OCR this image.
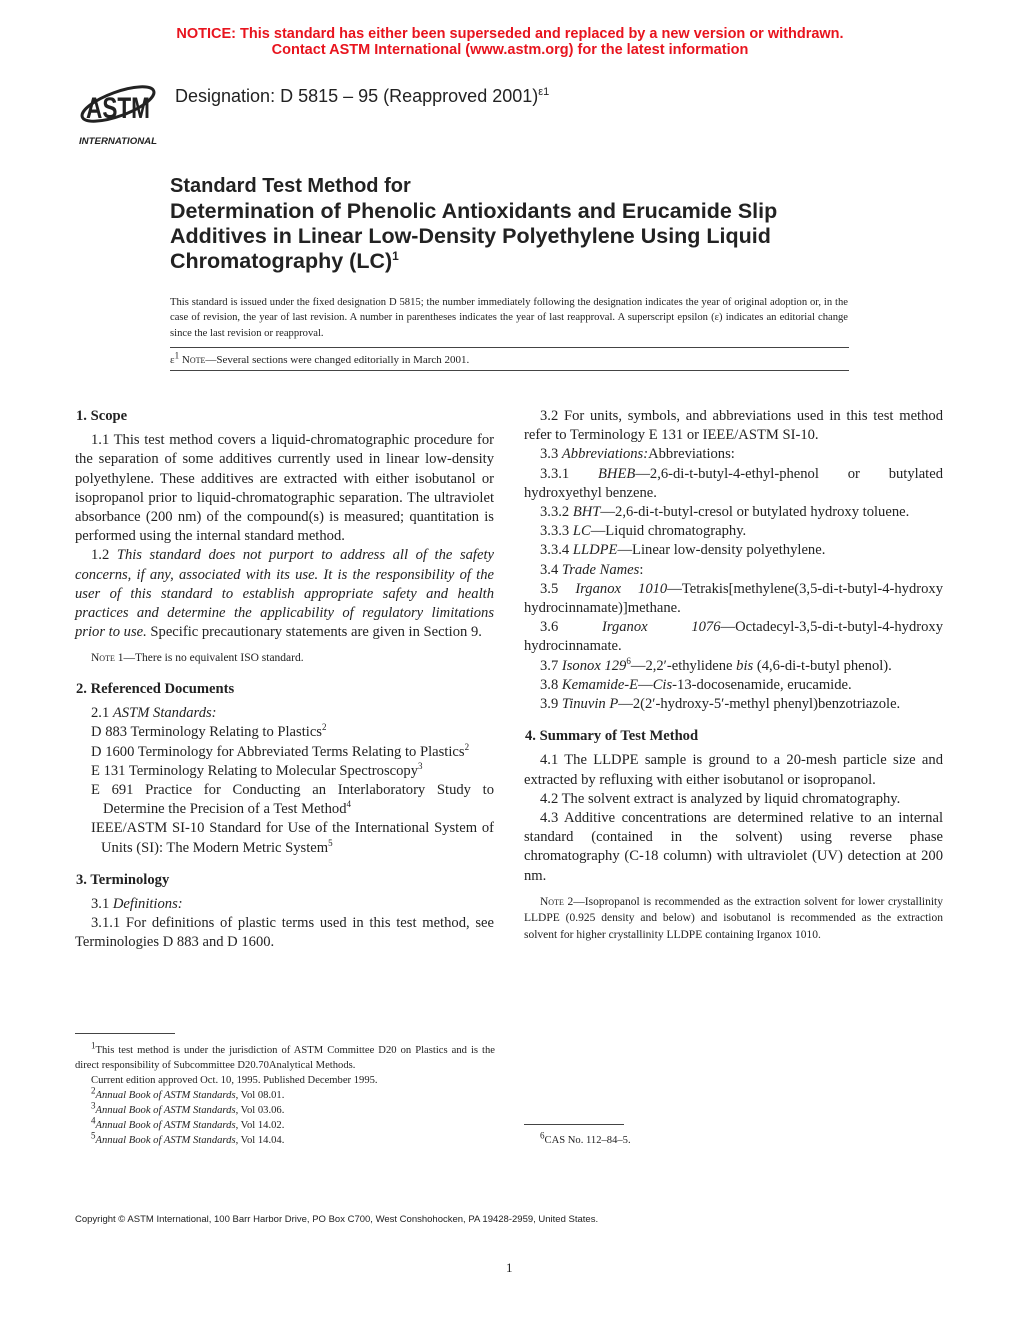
NOTICE: This standard has either been superseded and replaced by a new version or withdrawn.
Contact ASTM International (www.astm.org) for the latest information
ASTM
INTERNATIONAL
Designation: D 5815 – 95 (Reapproved 2001)$^{\varepsilon 1}$
Standard Test Method for
Determination of Phenolic Antioxidants and Erucamide Slip
Additives in Linear Low-Density Polyethylene Using Liquid
Chromatography (LC)$^1$
This standard is issued under the fixed designation D 5815; the number immediately following the designation indicates the year of original adoption or, in the case of revision, the year of last revision. A number in parentheses indicates the year of last reapproval. A superscript epsilon (ε) indicates an editorial change since the last revision or reapproval.
$\varepsilon^1$ Note—Several sections were changed editorially in March 2001.

1. Scope

1.1 This test method covers a liquid-chromatographic procedure for the separation of some additives currently used in linear low-density polyethylene. These additives are extracted with either isobutanol or isopropanol prior to liquid-chromatographic separation. The ultraviolet absorbance (200 nm) of the compound(s) is measured; quantitation is performed using the internal standard method.

1.2 This standard does not purport to address all of the safety concerns, if any, associated with its use. It is the responsibility of the user of this standard to establish appropriate safety and health practices and determine the applicability of regulatory limitations prior to use. Specific precautionary statements are given in Section 9.

Note 1—There is no equivalent ISO standard.

2. Referenced Documents

2.1 ASTM Standards:

D 883 Terminology Relating to Plastics$^2$

D 1600 Terminology for Abbreviated Terms Relating to Plastics$^2$

E 131 Terminology Relating to Molecular Spectroscopy$^3$

E 691 Practice for Conducting an Interlaboratory Study to Determine the Precision of a Test Method$^4$

IEEE/ASTM SI-10 Standard for Use of the International System of Units (SI): The Modern Metric System$^5$

3. Terminology

3.1 Definitions:

3.1.1 For definitions of plastic terms used in this test method, see Terminologies D 883 and D 1600.

3.2 For units, symbols, and abbreviations used in this test method refer to Terminology E 131 or IEEE/ASTM SI-10.

3.3 Abbreviations:Abbreviations:

3.3.1 BHEB—2,6-di-t-butyl-4-ethyl-phenol or butylated hydroxyethyl benzene.

3.3.2 BHT—2,6-di-t-butyl-cresol or butylated hydroxy toluene.

3.3.3 LC—Liquid chromatography.

3.3.4 LLDPE—Linear low-density polyethylene.

3.4 Trade Names:

3.5 Irganox 1010—Tetrakis[methylene(3,5-di-t-butyl-4-hydroxy hydrocinnamate)]methane.

3.6 Irganox 1076—Octadecyl-3,5-di-t-butyl-4-hydroxy hydrocinnamate.

3.7 Isonox $129^6—2,2'$-ethylidene bis (4,6-di-t-butyl phenol).

3.8 Kemamide-E—Cis-13-docosenamide, erucamide.

3.9 Tinuvin P—2(2′-hydroxy-5′-methyl phenyl)benzotriazole.

4. Summary of Test Method

4.1 The LLDPE sample is ground to a 20-mesh particle size and extracted by refluxing with either isobutanol or isopropanol.

4.2 The solvent extract is analyzed by liquid chromatography.

4.3 Additive concentrations are determined relative to an internal standard (contained in the solvent) using reverse phase chromatography (C-18 column) with ultraviolet (UV) detection at 200 nm.

Note 2—Isopropanol is recommended as the extraction solvent for lower crystallinity LLDPE (0.925 density and below) and isobutanol is recommended as the extraction solvent for higher crystallinity LLDPE containing Irganox 1010.

$^1$This test method is under the jurisdiction of ASTM Committee D20 on Plastics and is the direct responsibility of Subcommittee D20.70Analytical Methods.

Current edition approved Oct. 10, 1995. Published December 1995.

$^2$Annual Book of ASTM Standards, Vol 08.01.

$^3$Annual Book of ASTM Standards, Vol 03.06.

$^4$Annual Book of ASTM Standards, Vol 14.02.

$^5$Annual Book of ASTM Standards, Vol 14.04.	$^6$CAS No. 112–84–5.
Copyright © ASTM International, 100 Barr Harbor Drive, PO Box C700, West Conshohocken, PA 19428-2959, United States.
1
